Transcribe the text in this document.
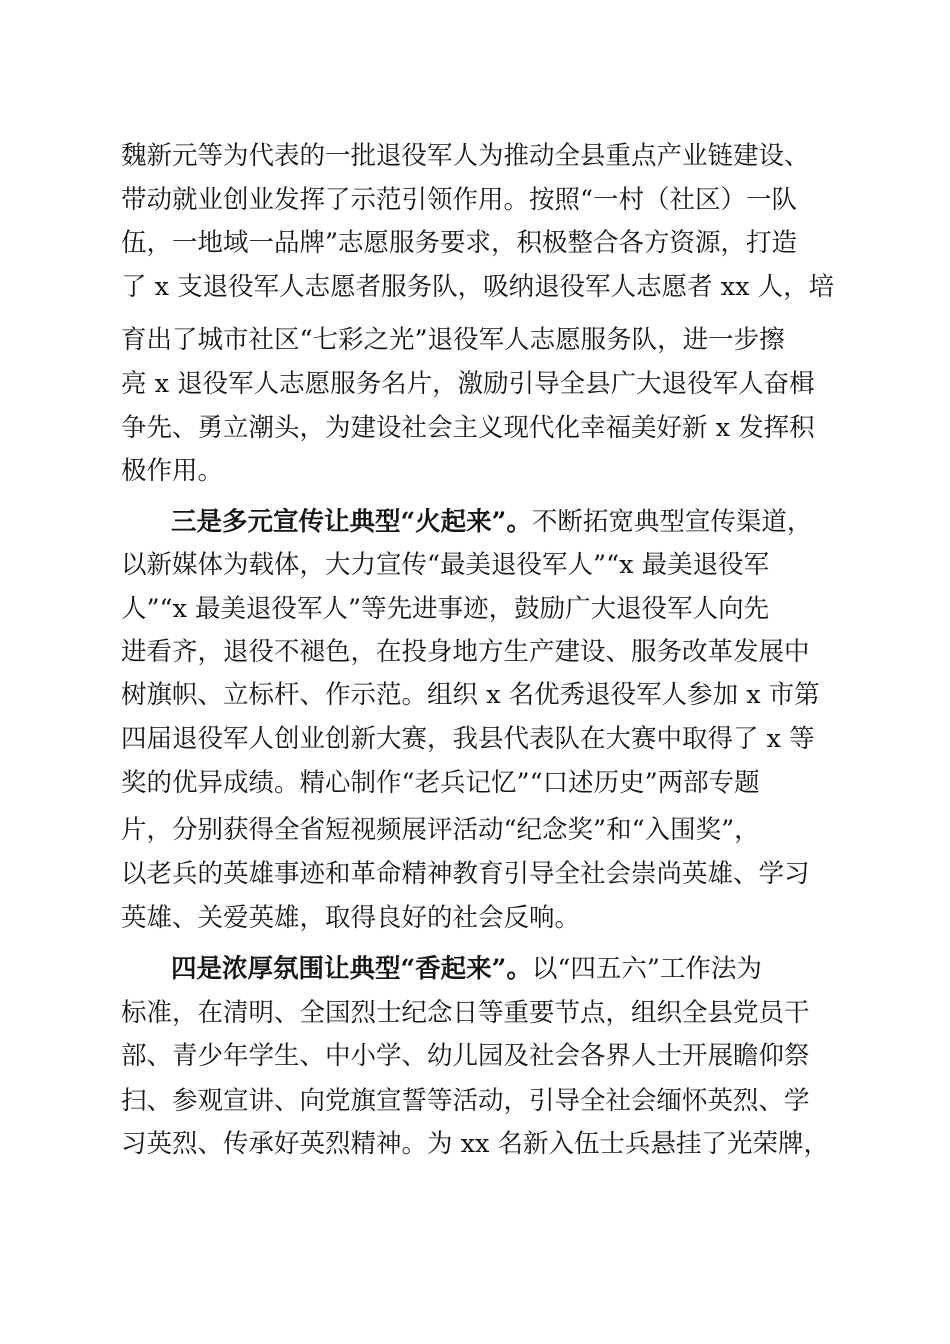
魏新元等为代表的一批退役军人为推动全县重点产业链建设、
带动就业创业发挥了示范引领作用。按照“一村（社区）一队
伍，一地域一品牌”志愿服务要求，积极整合各方资源，打造
了 x 支退役军人志愿者服务队，吸纳退役军人志愿者 xx 人，培
育出了城市社区“七彩之光”退役军人志愿服务队，进一步擦
亮 x 退役军人志愿服务名片，激励引导全县广大退役军人奋楫
争先、勇立潮头，为建设社会主义现代化幸福美好新 x 发挥积
极作用。
三是多元宣传让典型“火起来”。不断拓宽典型宣传渠道，
以新媒体为载体，大力宣传“最美退役军人”“x 最美退役军
人”“x 最美退役军人”等先进事迹，鼓励广大退役军人向先
进看齐，退役不褪色，在投身地方生产建设、服务改革发展中
树旗帜、立标杆、作示范。组织 x 名优秀退役军人参加 x 市第
四届退役军人创业创新大赛，我县代表队在大赛中取得了 x 等
奖的优异成绩。精心制作“老兵记忆”“口述历史”两部专题
片，分别获得全省短视频展评活动“纪念奖”和“入围奖”，
以老兵的英雄事迹和革命精神教育引导全社会崇尚英雄、学习
英雄、关爱英雄，取得良好的社会反响。
四是浓厚氛围让典型“香起来”。以“四五六”工作法为
标准，在清明、全国烈士纪念日等重要节点，组织全县党员干
部、青少年学生、中小学、幼儿园及社会各界人士开展瞻仰祭
扫、参观宣讲、向党旗宣誓等活动，引导全社会缅怀英烈、学
习英烈、传承好英烈精神。为 xx 名新入伍士兵悬挂了光荣牌，
